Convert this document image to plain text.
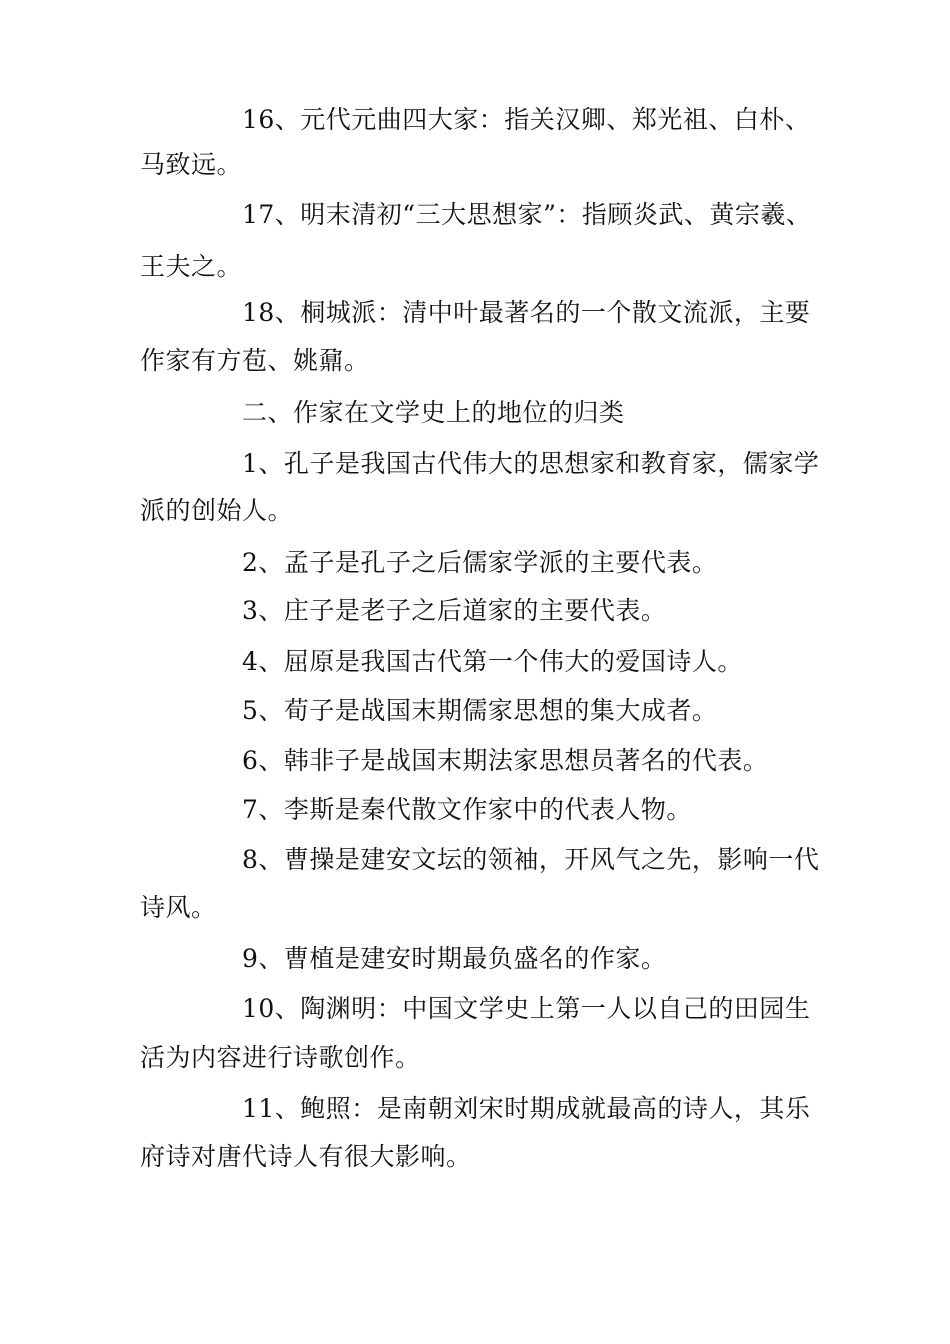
16、元代元曲四大家：指关汉卿、郑光祖、白朴、
马致远。
17、明末清初“三大思想家”：指顾炎武、黄宗羲、
王夫之。
18、桐城派：清中叶最著名的一个散文流派，主要
作家有方苞、姚鼐。
二、作家在文学史上的地位的归类
1、孔子是我国古代伟大的思想家和教育家，儒家学
派的创始人。
2、孟子是孔子之后儒家学派的主要代表。
3、庄子是老子之后道家的主要代表。
4、屈原是我国古代第一个伟大的爱国诗人。
5、荀子是战国末期儒家思想的集大成者。
6、韩非子是战国末期法家思想员著名的代表。
7、李斯是秦代散文作家中的代表人物。
8、曹操是建安文坛的领袖，开风气之先，影响一代
诗风。
9、曹植是建安时期最负盛名的作家。
10、陶渊明：中国文学史上第一人以自己的田园生
活为内容进行诗歌创作。
11、鲍照：是南朝刘宋时期成就最高的诗人，其乐
府诗对唐代诗人有很大影响。
